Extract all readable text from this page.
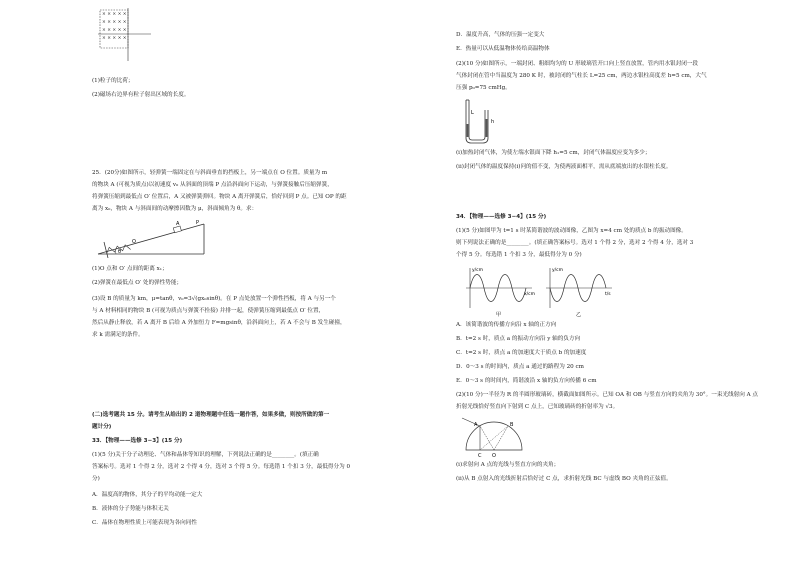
× × × × ×
× × × × ×
× × × × ×
× × × × ×
(1)粒子的比荷；
(2)磁场右边界有粒子射出区域的长度。
25．(20分)如图所示，轻弹簧一端固定在与斜面垂直的挡板上，另一端点在 O 位置。质量为 m
的物块 A (可视为质点)以初速度 v₀ 从斜面的顶端 P 点沿斜面向下运动，与弹簧接触后压缩弹簧，
将弹簧压缩到最低点 O′ 位置后，A 又被弹簧弹回。物块 A 离开弹簧后，恰好回到 P 点。已知 OP 的距
离为 x₀，物块 A 与斜面间的动摩擦因数为 μ，斜面倾角为 θ。求：
P
A
O
θ
(1)O 点和 O′ 点间的距离 x₁；
(2)弹簧在最低点 O′ 处的弹性势能；
(3)设 B 的质量为 km，μ=tanθ，v₀=3√(gx₀sinθ)。在 P 点处放置一个弹性挡板，将 A 与另一个
与 A 材料相同的物块 B (可视为质点与弹簧不拴接) 并排一起，使弹簧压缩到最低点 O′ 位置，
然后从静止释放，若 A 离开 B 后给 A 外加恒力 F=mgsinθ，沿斜面向上，若 A 不会与 B 发生碰撞，
求 k 需满足的条件。
(二)选考题共 15 分。请考生从给出的 2 道物理题中任选一题作答，如果多做，则按所做的第一
题计分)
33．【物理——选修 3−3】(15 分)
(1)(5 分)关于分子动理论、气体和晶体等知识的理解，下列说法正确的是________。(填正确
答案标号。选对 1 个得 2 分，选对 2 个得 4 分，选对 3 个得 5 分。每选错 1 个扣 3 分，最低得分为 0
分)
A．温度高的物体，其分子的平均动能一定大
B．液体的分子势能与体积无关
C．晶体在物理性质上可能表现为各向同性
D．温度升高，气体的压强一定变大
E．热量可以从低温物体传给高温物体
(2)(10 分)如图所示，一端封闭、粗细均匀的 U 形玻璃管开口向上竖直放置，管内用水银封闭一段
气体封闭在管中当温度为 280 K 时，被封闭的气柱长 L=25 cm，两边水银柱高度差 h=5 cm，大气
压强 p₀=75 cmHg。
L
h
(i)加热封闭气体，为使左端水银面下降 h₁=5 cm，封闭气体温度应变为多少；
(ii)封闭气体的温度保持(i)问的值不变，为使两液面相平，需从底端放出的水银柱长度。
34．【物理——选修 3−4】(15 分)
(1)(5 分)如图甲为 t=1 s 时某简谐波的波动图像，乙图为 x=4 cm 处的质点 b 的振动图像。
则下列说法正确的是________。(填正确答案标号。选对 1 个得 2 分，选对 2 个得 4 分，选对 3
个得 5 分。每选错 1 个扣 3 分，最低得分为 0 分)
y/cm
x/cm
甲
y/cm
t/s
乙
A．该简谐波的传播方向沿 x 轴的正方向
B．t=2 s 时，质点 a 的振动方向沿 y 轴的负方向
C．t=2 s 时，质点 a 的加速度大于质点 b 的加速度
D．0～3 s 的时间内，质点 a 通过的路程为 20 cm
E．0～3 s 的时间内，简谐波沿 x 轴的负方向传播 6 cm
(2)(10 分)一半径为 R 的半圆形玻璃砖，横截面如图所示。已知 OA 和 OB 与竖直方向的夹角为 30°。一束光线射向 A 点
折射光线恰好竖直向下射到 C 点上，已知玻璃砖的折射率为 √3。
A	B
O
C
(i)求射向 A 点的光线与竖直方向的夹角；
(ii)从 B 点射入的光线折射后恰好过 C 点，求折射光线 BC 与虚线 BO 夹角的正弦值。
